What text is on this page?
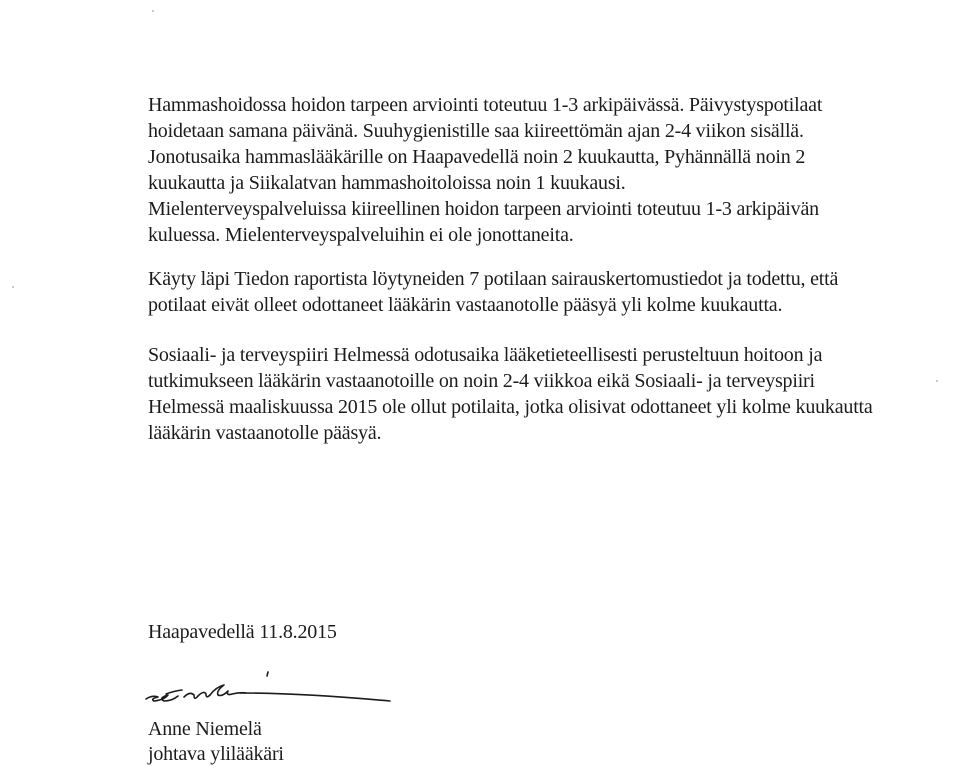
Hammashoidossa hoidon tarpeen arviointi toteutuu 1-3 arkipäivässä. Päivystyspotilaat
hoidetaan samana päivänä. Suuhygienistille saa kiireettömän ajan 2-4 viikon sisällä.
Jonotusaika hammaslääkärille on Haapavedellä noin 2 kuukautta, Pyhännällä noin 2
kuukautta ja Siikalatvan hammashoitoloissa noin 1 kuukausi.
Mielenterveyspalveluissa kiireellinen hoidon tarpeen arviointi toteutuu 1-3 arkipäivän
kuluessa. Mielenterveyspalveluihin ei ole jonottaneita.
Käyty läpi Tiedon raportista löytyneiden 7 potilaan sairauskertomustiedot ja todettu, että
potilaat eivät olleet odottaneet lääkärin vastaanotolle pääsyä yli kolme kuukautta.
Sosiaali- ja terveyspiiri Helmessä odotusaika lääketieteellisesti perusteltuun hoitoon ja
tutkimukseen lääkärin vastaanotoille on noin 2-4 viikkoa eikä Sosiaali- ja terveyspiiri
Helmessä maaliskuussa 2015 ole ollut potilaita, jotka olisivat odottaneet yli kolme kuukautta
lääkärin vastaanotolle pääsyä.
Haapavedellä 11.8.2015
Anne Niemelä
johtava ylilääkäri
